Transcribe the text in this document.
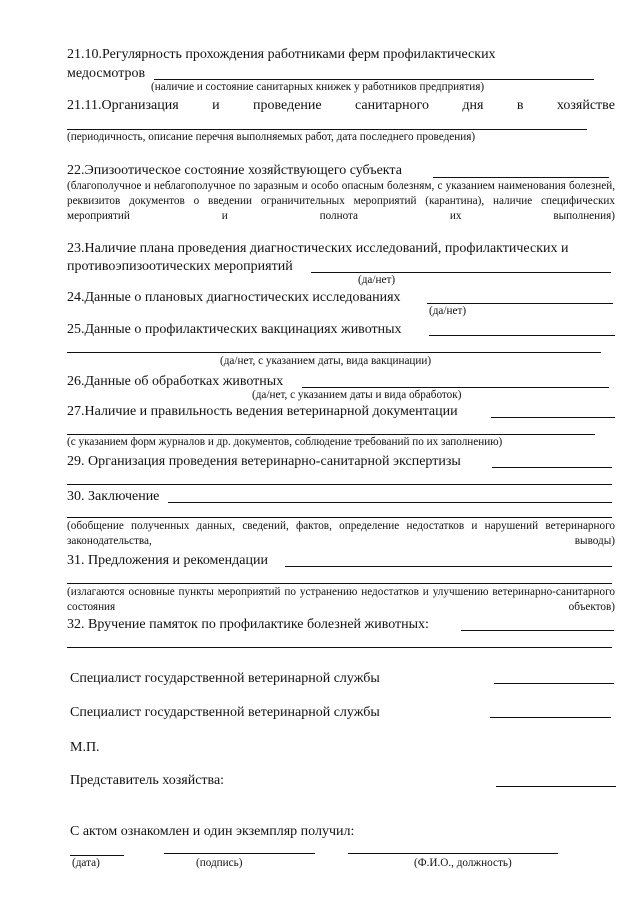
21.10.Регулярность прохождения работниками ферм профилактических
медосмотров
(наличие и состояние санитарных книжек у работников предприятия)
21.11.Организация и проведение санитарного дня в хозяйстве
(периодичность, описание перечня выполняемых работ, дата последнего проведения)
22.Эпизоотическое состояние хозяйствующего субъекта
(благополучное и неблагополучное по заразным и особо опасным болезням, с указанием наименования болезней, реквизитов документов о введении ограничительных мероприятий (карантина), наличие специфических мероприятий и полнота их выполнения)
23.Наличие плана проведения диагностических исследований, профилактических и
противоэпизоотических мероприятий
(да/нет)
24.Данные о плановых диагностических исследованиях
(да/нет)
25.Данные о профилактических вакцинациях животных
(да/нет, с указанием даты, вида вакцинации)
26.Данные об обработках животных
(да/нет, с указанием даты и вида обработок)
27.Наличие и правильность ведения ветеринарной документации
(с указанием форм журналов и др. документов, соблюдение требований по их заполнению)
29. Организация проведения ветеринарно-санитарной экспертизы
30. Заключение
(обобщение полученных данных, сведений, фактов, определение недостатков и нарушений ветеринарного законодательства, выводы)
31. Предложения и рекомендации
(излагаются основные пункты мероприятий по устранению недостатков и улучшению ветеринарно-санитарного состояния объектов)
32. Вручение памяток по профилактике болезней животных:
Специалист государственной ветеринарной службы
Специалист государственной ветеринарной службы
М.П.
Представитель хозяйства:
С актом ознакомлен и один экземпляр получил:
(дата)	(подпись)	(Ф.И.О., должность)
